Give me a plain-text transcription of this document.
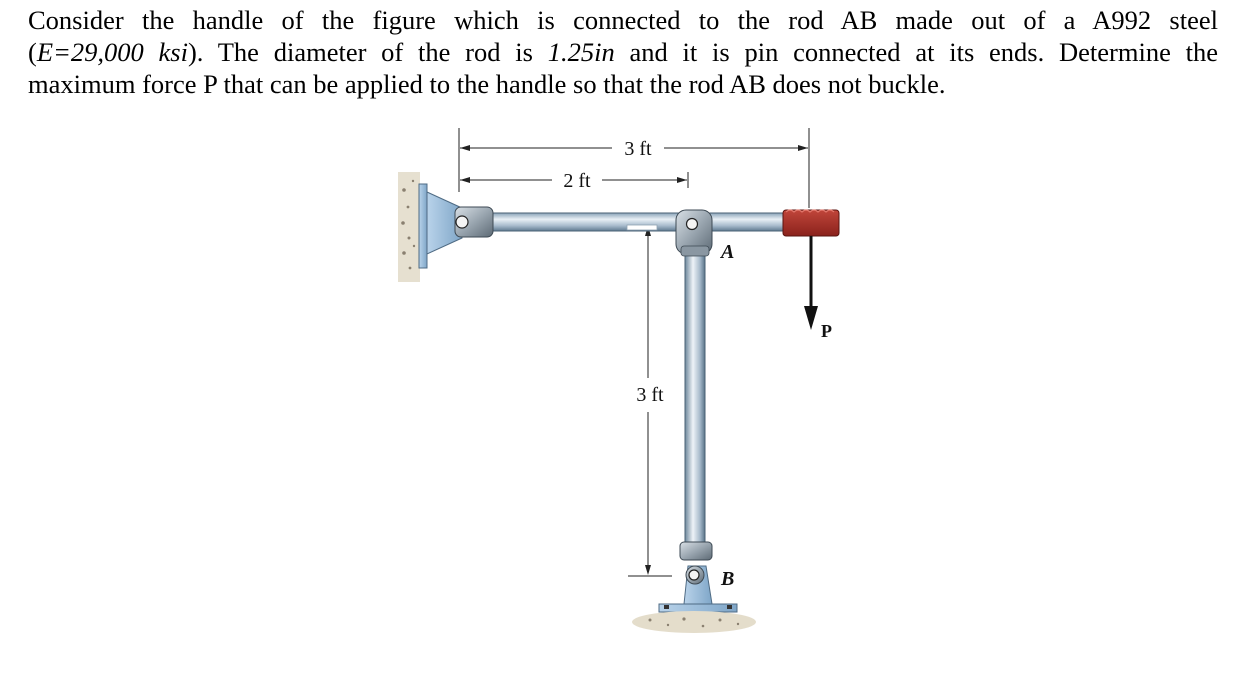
Consider the handle of the figure which is connected to the rod AB made out of a A992 steel
(E=29,000 ksi). The diameter of the rod is 1.25in and it is pin connected at its ends. Determine the
maximum force P that can be applied to the handle so that the rod AB does not buckle.

3 ft
2 ft
3 ft
A
B
P
